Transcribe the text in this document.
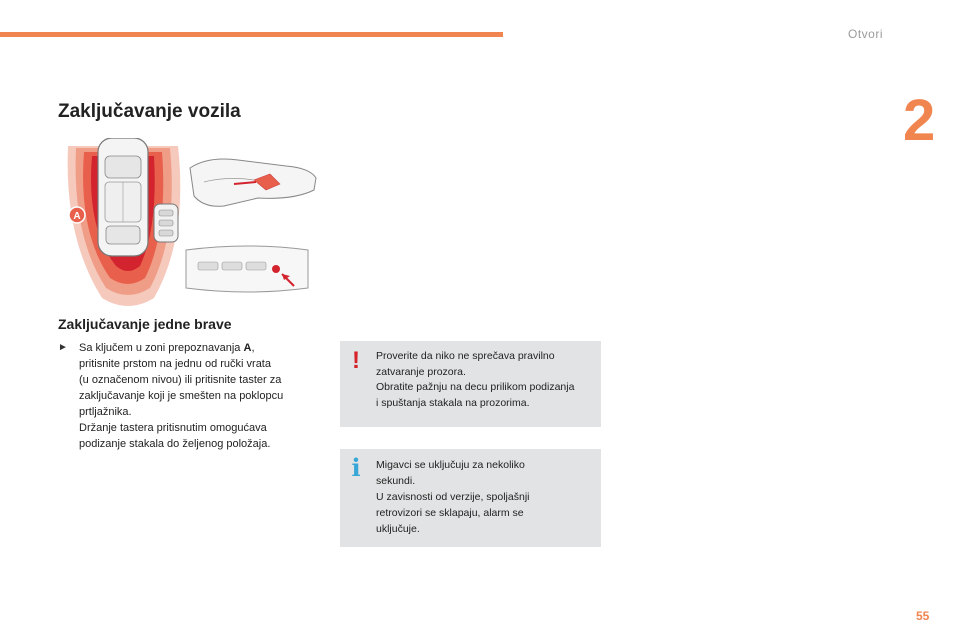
Otvori
2
Zaključavanje vozila
A
Zaključavanje jedne brave
► Sa ključem u zoni prepoznavanja A,
pritisnite prstom na jednu od ručki vrata
(u označenom nivou) ili pritisnite taster za
zaključavanje koji je smešten na poklopcu
prtljažnika.
Držanje tastera pritisnutim omogućava
podizanje stakala do željenog položaja.
! Proverite da niko ne sprečava pravilno
zatvaranje prozora.
Obratite pažnju na decu prilikom podizanja
i spuštanja stakala na prozorima.
i Migavci se uključuju za nekoliko
sekundi.
U zavisnosti od verzije, spoljašnji
retrovizori se sklapaju, alarm se
uključuje.
55
